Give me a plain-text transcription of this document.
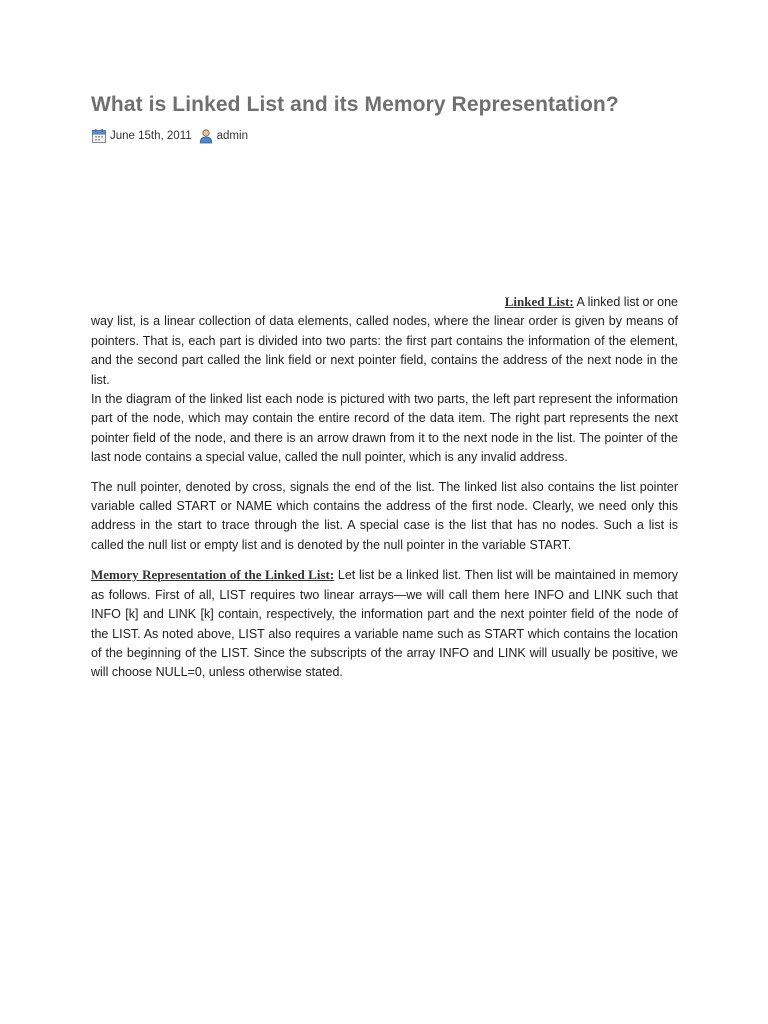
What is Linked List and its Memory Representation?
June 15th, 2011 admin

Linked List: A linked list or one

way list, is a linear collection of data elements, called nodes, where the linear order is given by means of pointers. That is, each part is divided into two parts: the first part contains the information of the element, and the second part called the link field or next pointer field, contains the address of the next node in the list.

In the diagram of the linked list each node is pictured with two parts, the left part represent the information part of the node, which may contain the entire record of the data item. The right part represents the next pointer field of the node, and there is an arrow drawn from it to the next node in the list. The pointer of the last node contains a special value, called the null pointer, which is any invalid address.

The null pointer, denoted by cross, signals the end of the list. The linked list also contains the list pointer variable called START or NAME which contains the address of the first node. Clearly, we need only this address in the start to trace through the list. A special case is the list that has no nodes. Such a list is called the null list or empty list and is denoted by the null pointer in the variable START.

Memory Representation of the Linked List: Let list be a linked list. Then list will be maintained in memory as follows. First of all, LIST requires two linear arrays—we will call them here INFO and LINK such that INFO [k] and LINK [k] contain, respectively, the information part and the next pointer field of the node of the LIST. As noted above, LIST also requires a variable name such as START which contains the location of the beginning of the LIST. Since the subscripts of the array INFO and LINK will usually be positive, we will choose NULL=0, unless otherwise stated.
